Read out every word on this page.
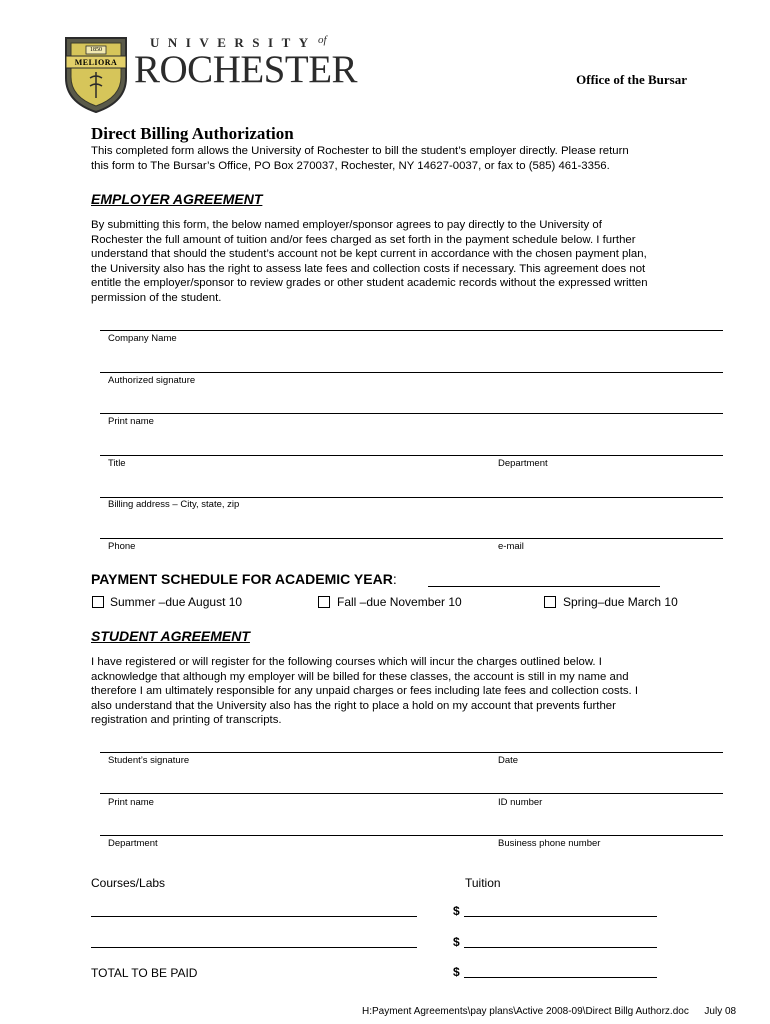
1850
MELIORA
UNIVERSITY of
ROCHESTER	Office of the Bursar
Direct Billing Authorization
This completed form allows the University of Rochester to bill the student’s employer directly. Please return
this form to The Bursar’s Office, PO Box 270037, Rochester, NY 14627-0037, or fax to (585) 461-3356.
EMPLOYER AGREEMENT
By submitting this form, the below named employer/sponsor agrees to pay directly to the University of
Rochester the full amount of tuition and/or fees charged as set forth in the payment schedule below. I further
understand that should the student’s account not be kept current in accordance with the chosen payment plan,
the University also has the right to assess late fees and collection costs if necessary. This agreement does not
entitle the employer/sponsor to review grades or other student academic records without the expressed written
permission of the student.
Company Name
Authorized signature
Print name
Title	Department
Billing address – City, state, zip
Phone	e-mail
PAYMENT SCHEDULE FOR ACADEMIC YEAR:
Summer –due August 10	Fall –due November 10	Spring–due March 10
STUDENT AGREEMENT
I have registered or will register for the following courses which will incur the charges outlined below. I
acknowledge that although my employer will be billed for these classes, the account is still in my name and
therefore I am ultimately responsible for any unpaid charges or fees including late fees and collection costs. I
also understand that the University also has the right to place a hold on my account that prevents further
registration and printing of transcripts.
Student’s signature	Date
Print name	ID number
Department	Business phone number
Courses/Labs	Tuition
$
$
TOTAL TO BE PAID	$
H:Payment Agreements\pay plans\Active 2008-09\Direct Billg Authorz.doc July 08
